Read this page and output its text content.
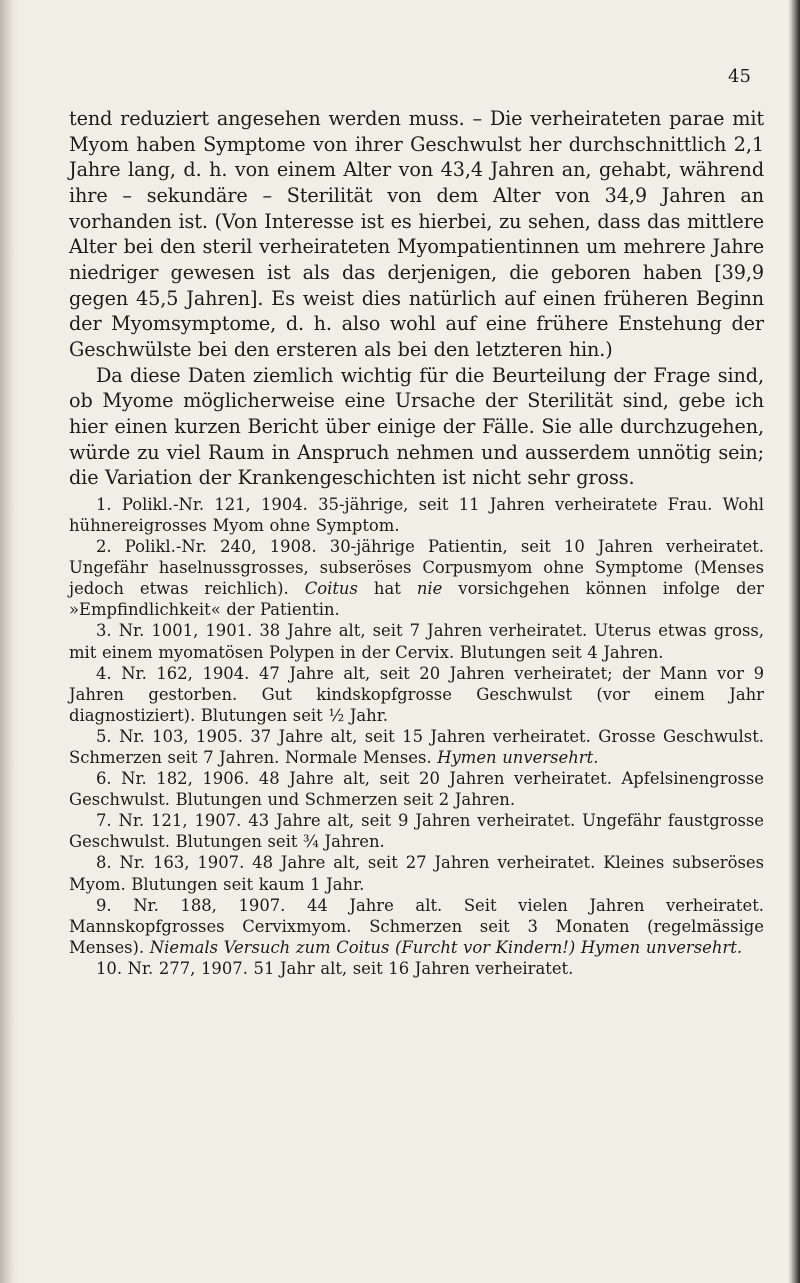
45

tend reduziert angesehen werden muss. – Die verheirateten parae mit Myom haben Symptome von ihrer Geschwulst her durchschnittlich 2,1 Jahre lang, d. h. von einem Alter von 43,4 Jahren an, gehabt, während ihre – sekundäre – Sterilität von dem Alter von 34,9 Jahren an vorhanden ist. (Von Interesse ist es hierbei, zu sehen, dass das mittlere Alter bei den steril verheirateten Myompatientinnen um mehrere Jahre niedriger gewesen ist als das derjenigen, die geboren haben [39,9 gegen 45,5 Jahren]. Es weist dies natürlich auf einen früheren Beginn der Myomsymptome, d. h. also wohl auf eine frühere Enstehung der Geschwülste bei den ersteren als bei den letzteren hin.)

Da diese Daten ziemlich wichtig für die Beurteilung der Frage sind, ob Myome möglicherweise eine Ursache der Sterilität sind, gebe ich hier einen kurzen Bericht über einige der Fälle. Sie alle durchzugehen, würde zu viel Raum in Anspruch nehmen und ausserdem unnötig sein; die Variation der Krankengeschichten ist nicht sehr gross.

1. Polikl.-Nr. 121, 1904. 35-jährige, seit 11 Jahren verheiratete Frau. Wohl hühnereigrosses Myom ohne Symptom.

2. Polikl.-Nr. 240, 1908. 30-jährige Patientin, seit 10 Jahren verheiratet. Ungefähr haselnussgrosses, subseröses Corpusmyom ohne Symptome (Menses jedoch etwas reichlich). Coitus hat nie vorsichgehen können infolge der »Empfindlichkeit« der Patientin.

3. Nr. 1001, 1901. 38 Jahre alt, seit 7 Jahren verheiratet. Uterus etwas gross, mit einem myomatösen Polypen in der Cervix. Blutungen seit 4 Jahren.

4. Nr. 162, 1904. 47 Jahre alt, seit 20 Jahren verheiratet; der Mann vor 9 Jahren gestorben. Gut kindskopfgrosse Geschwulst (vor einem Jahr diagnostiziert). Blutungen seit ½ Jahr.

5. Nr. 103, 1905. 37 Jahre alt, seit 15 Jahren verheiratet. Grosse Geschwulst. Schmerzen seit 7 Jahren. Normale Menses. Hymen unversehrt.

6. Nr. 182, 1906. 48 Jahre alt, seit 20 Jahren verheiratet. Apfelsinengrosse Geschwulst. Blutungen und Schmerzen seit 2 Jahren.

7. Nr. 121, 1907. 43 Jahre alt, seit 9 Jahren verheiratet. Ungefähr faustgrosse Geschwulst. Blutungen seit ¾ Jahren.

8. Nr. 163, 1907. 48 Jahre alt, seit 27 Jahren verheiratet. Kleines subseröses Myom. Blutungen seit kaum 1 Jahr.

9. Nr. 188, 1907. 44 Jahre alt. Seit vielen Jahren verheiratet. Mannskopfgrosses Cervixmyom. Schmerzen seit 3 Monaten (regelmässige Menses). Niemals Versuch zum Coitus (Furcht vor Kindern!) Hymen unversehrt.

10. Nr. 277, 1907. 51 Jahr alt, seit 16 Jahren verheiratet.
